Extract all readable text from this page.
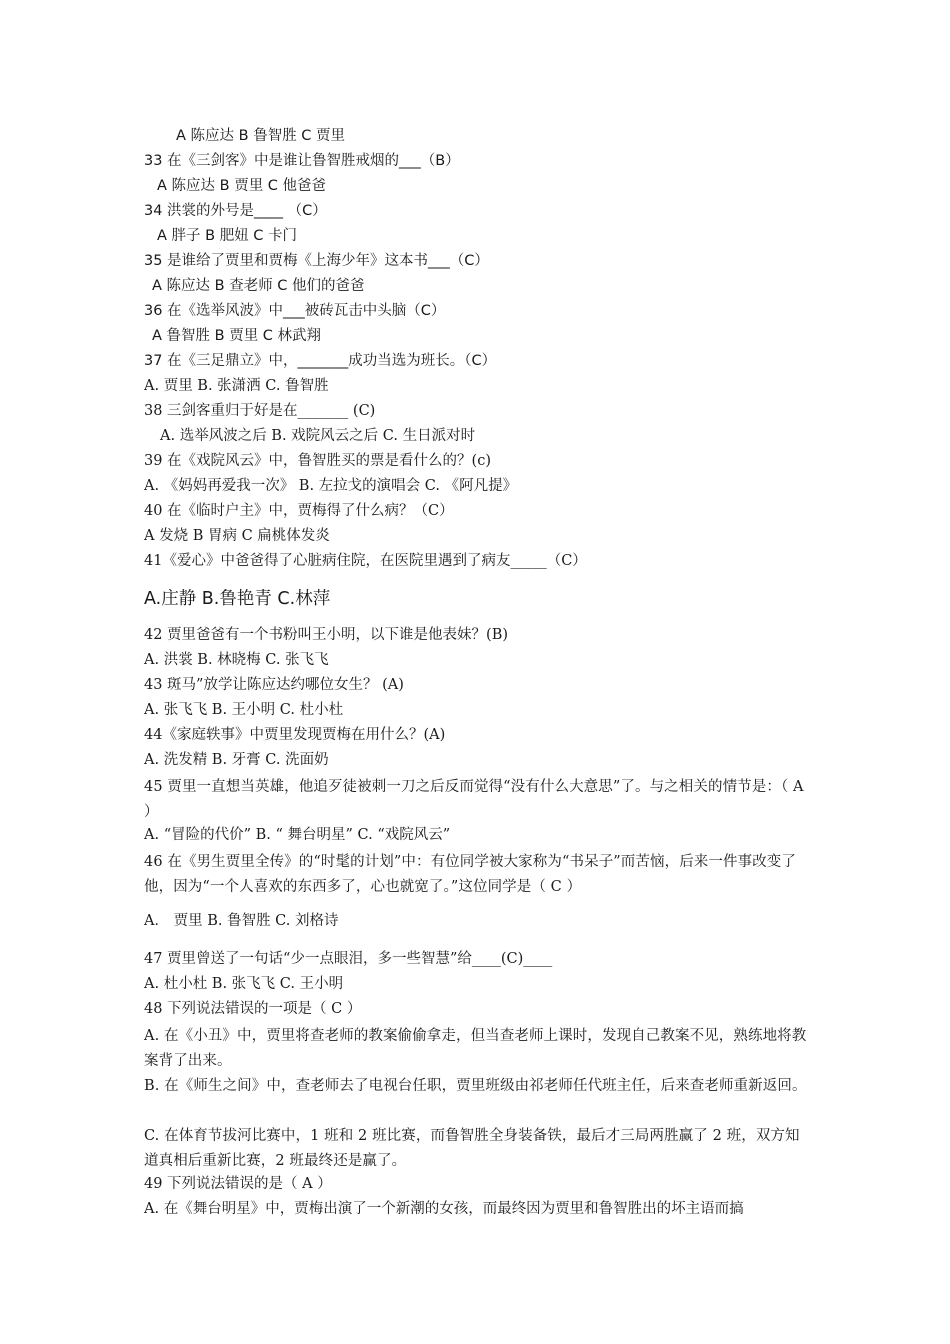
A 陈应达 B 鲁智胜 C 贾里
33 在《三剑客》中是谁让鲁智胜戒烟的___（B）
A 陈应达 B 贾里 C 他爸爸
34 洪裳的外号是____ （C）
A 胖子 B 肥妞 C 卡门
35 是谁给了贾里和贾梅《上海少年》这本书___（C）
A 陈应达 B 查老师 C 他们的爸爸
36 在《选举风波》中___被砖瓦击中头脑（C）
A 鲁智胜 B 贾里 C 林武翔
37 在《三足鼎立》中，_______成功当选为班长。（C）
A. 贾里 B. 张潇洒 C. 鲁智胜
38 三剑客重归于好是在_______ (C)
A. 选举风波之后 B. 戏院风云之后 C. 生日派对时
39 在《戏院风云》中，鲁智胜买的票是看什么的？(c)
A. 《妈妈再爱我一次》 B. 左拉戈的演唱会 C. 《阿凡提》
40 在《临时户主》中，贾梅得了什么病？（C）
A 发烧 B 胃病 C 扁桃体发炎
41《爱心》中爸爸得了心脏病住院，在医院里遇到了病友_____（C）
A.庄静 B.鲁艳青 C.林萍
42 贾里爸爸有一个书粉叫王小明，以下谁是他表妹？(B)
A. 洪裳 B. 林晓梅 C. 张飞飞
43 斑马”放学让陈应达约哪位女生？ (A)
A. 张飞飞 B. 王小明 C. 杜小杜
44《家庭轶事》中贾里发现贾梅在用什么？(A)
A. 洗发精 B. 牙膏 C. 洗面奶
45 贾里一直想当英雄，他追歹徒被刺一刀之后反而觉得“没有什么大意思”了。与之相关的情节是：（ A ）
A. “冒险的代价” B. “ 舞台明星” C. “戏院风云”
46 在《男生贾里全传》的“时髦的计划”中：有位同学被大家称为“书呆子”而苦恼，后来一件事改变了他，因为“一个人喜欢的东西多了，心也就宽了。”这位同学是（ C ）
A． 贾里 B. 鲁智胜 C. 刘格诗
47 贾里曾送了一句话“少一点眼泪，多一些智慧”给____(C)____
A. 杜小杜 B. 张飞飞 C. 王小明
48 下列说法错误的一项是（ C ）
A. 在《小丑》中，贾里将查老师的教案偷偷拿走，但当查老师上课时，发现自己教案不见，熟练地将教案背了出来。
B. 在《师生之间》中，查老师去了电视台任职，贾里班级由祁老师任代班主任，后来查老师重新返回。
C. 在体育节拔河比赛中，1 班和 2 班比赛，而鲁智胜全身装备铁，最后才三局两胜赢了 2 班，双方知道真相后重新比赛，2 班最终还是赢了。
49 下列说法错误的是（ A ）
A. 在《舞台明星》中，贾梅出演了一个新潮的女孩，而最终因为贾里和鲁智胜出的坏主语而搞
